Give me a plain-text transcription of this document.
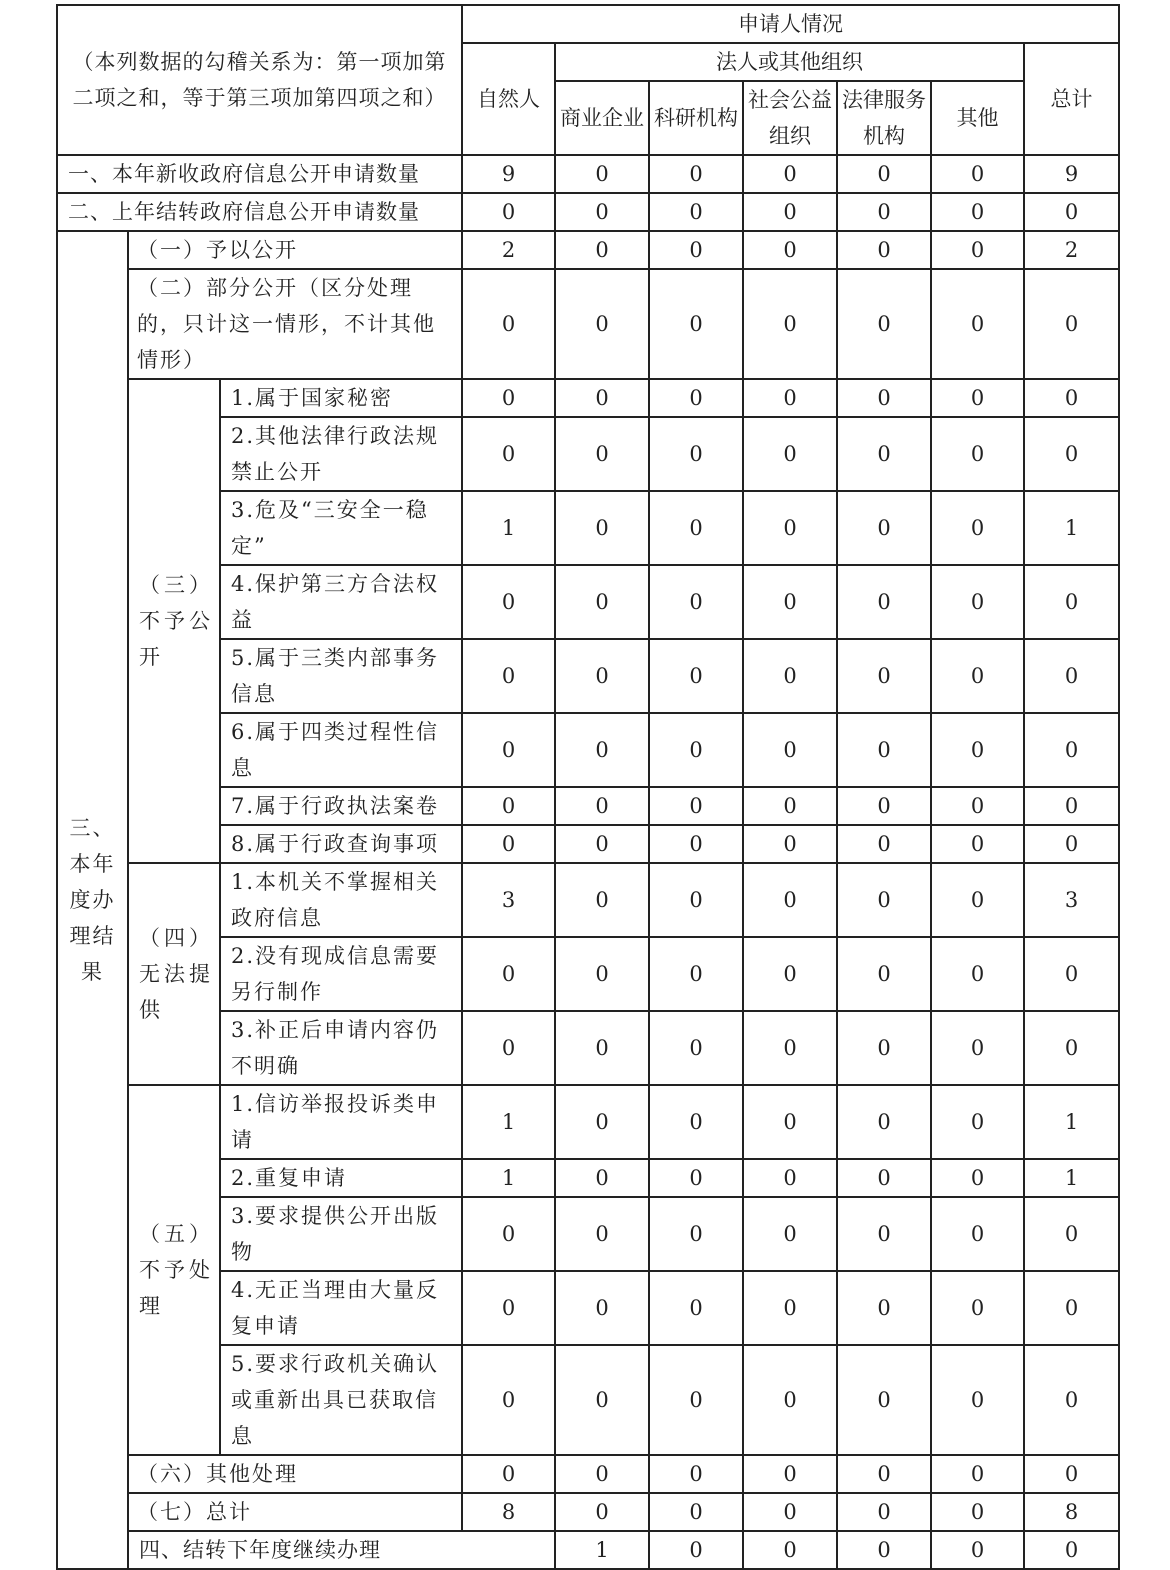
（本列数据的勾稽关系为：第一项加第二项之和，等于第三项加第四项之和）			申请人情况							
			自然人	法人或其他组织					总计	
				商业企业	科研机构	社会公益组织	法律服务机构	其他		
一、本年新收政府信息公开申请数量			9	0	0	0	0	0	9	
二、上年结转政府信息公开申请数量			0	0	0	0	0	0	0	
三、本年度办理结果	（一）予以公开		2	0	0	0	0	0	2	
	（二）部分公开（区分处理的，只计这一情形，不计其他情形）		0	0	0	0	0	0	0	
	（三）不予公开	1.属于国家秘密	0	0	0	0	0	0	0	
		2.其他法律行政法规禁止公开	0	0	0	0	0	0	0	
		3.危及“三安全一稳定”	1	0	0	0	0	0	1	
		4.保护第三方合法权益	0	0	0	0	0	0	0	
		5.属于三类内部事务信息	0	0	0	0	0	0	0	
		6.属于四类过程性信息	0	0	0	0	0	0	0	
		7.属于行政执法案卷	0	0	0	0	0	0	0	
		8.属于行政查询事项	0	0	0	0	0	0	0	
	（四）无法提供	1.本机关不掌握相关政府信息	3	0	0	0	0	0	3	
		2.没有现成信息需要另行制作	0	0	0	0	0	0	0	
		3.补正后申请内容仍不明确	0	0	0	0	0	0	0	
	（五）不予处理	1.信访举报投诉类申请	1	0	0	0	0	0	1	
		2.重复申请	1	0	0	0	0	0	1	
		3.要求提供公开出版物	0	0	0	0	0	0	0	
		4.无正当理由大量反复申请	0	0	0	0	0	0	0	
		5.要求行政机关确认或重新出具已获取信息	0	0	0	0	0	0	0	
	（六）其他处理		0	0	0	0	0	0	0	
	（七）总计		8	0	0	0	0	0	8	
	四、结转下年度继续办理			1	0	0	0	0	0	
